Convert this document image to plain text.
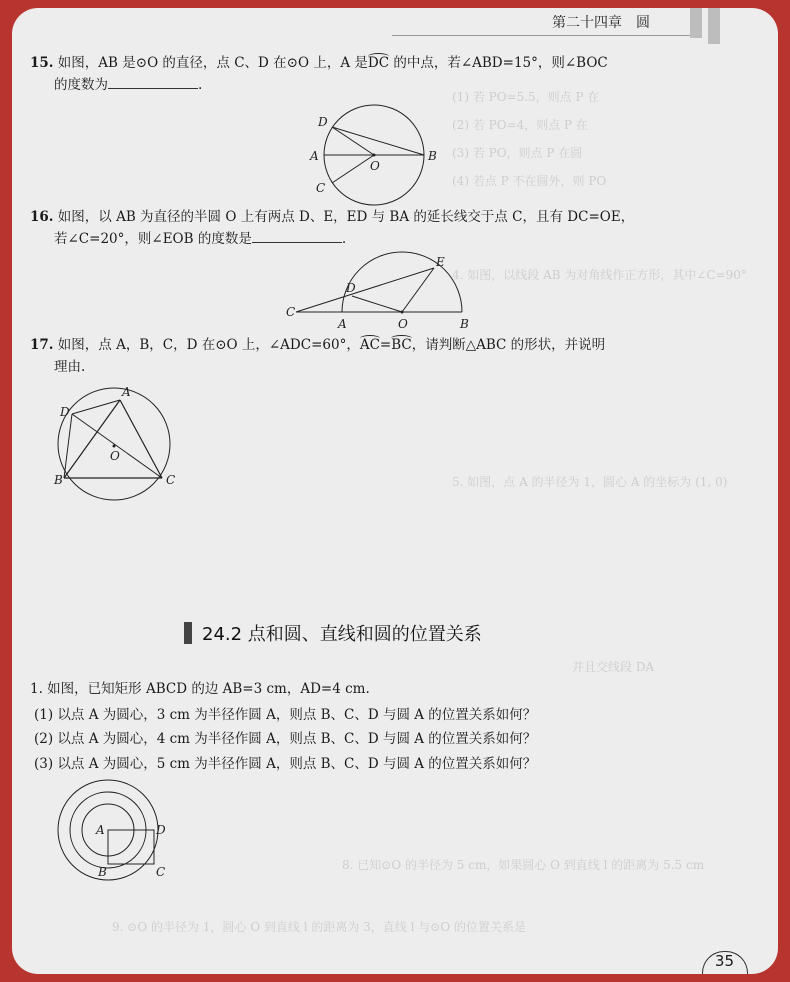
(1) 若 PO=5.5，则点 P 在
(2) 若 PO=4，则点 P 在
(3) 若 PO，则点 P 在圆
(4) 若点 P 不在圆外，则 PO
4. 如图，以线段 AB 为对角线作正方形，其中∠C=90°
5. 如图，点 A 的半径为 1，圆心 A 的坐标为 (1, 0)
并且交线段 DA
8. 已知⊙O 的半径为 5 cm，如果圆心 O 到直线 l 的距离为 5.5 cm
9. ⊙O 的半径为 1，圆心 O 到直线 l 的距离为 3，直线 l 与⊙O 的位置关系是
第二十四章　圆
15. 如图，AB 是⊙O 的直径，点 C、D 在⊙O 上，A 是
DC 的中点，若∠ABD=15°，则∠BOC
的度数为	.
D
A
O
B
C
16. 如图，以 AB 为直径的半圆 O 上有两点 D、E，ED 与 BA 的延长线交于点 C，且有 DC=OE，
若∠C=20°，则∠EOB 的度数是	.
E
D
C
A	O	B
17. 如图，点 A，B，C，D 在⊙O 上，∠ADC=60°，
AC=
BC，请判断△ABC 的形状，并说明
理由.
A
D
O
B	C
24.2 点和圆、直线和圆的位置关系
1. 如图，已知矩形 ABCD 的边 AB=3 cm，AD=4 cm.
(1) 以点 A 为圆心，3 cm 为半径作圆 A，则点 B、C、D 与圆 A 的位置关系如何？
(2) 以点 A 为圆心，4 cm 为半径作圆 A，则点 B、C、D 与圆 A 的位置关系如何？
(3) 以点 A 为圆心，5 cm 为半径作圆 A，则点 B、C、D 与圆 A 的位置关系如何？
A	D
B	C
35
